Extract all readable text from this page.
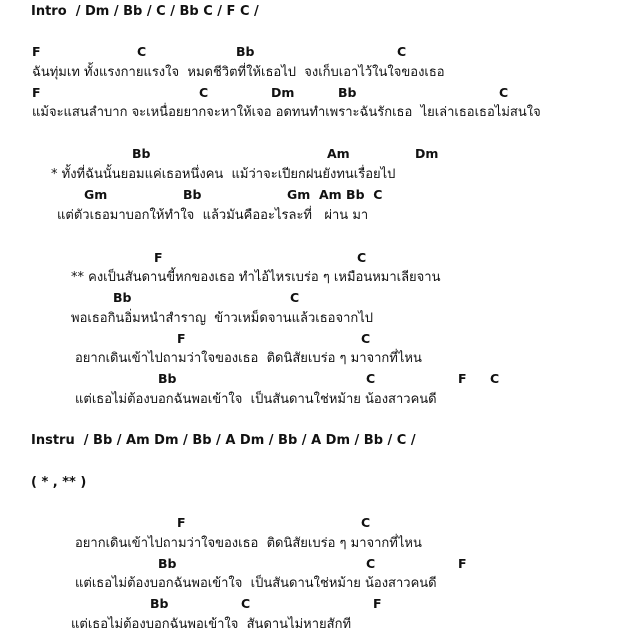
Intro  / Dm / Bb / C / Bb C / F C /
F	C	Bb	C
ฉันทุ่มเท ทั้งแรงกายแรงใจ  หมดชีวิตที่ให้เธอไป  จงเก็บเอาไว้ในใจของเธอ
F	C	Dm	Bb	C
แม้จะแสนลำบาก จะเหนื่อยยากจะหาให้เจอ อดทนทำเพราะฉันรักเธอ  ไยเล่าเธอเธอไม่สนใจ
Bb	Am	Dm
* ทั้งที่ฉันนั้นยอมแค่เธอหนึ่งคน  แม้ว่าจะเปียกฝนยังทนเรื่อยไป
Gm	Bb	Gm  Am Bb  C
แต่ตัวเธอมาบอกให้ทำใจ  แล้วมันคืออะไรละที่   ผ่าน มา
F	C
** คงเป็นสันดานขี้หกของเธอ ทำไอ้ไหรเบร่อ ๆ เหมือนหมาเลียจาน
Bb	C
พอเธอกินอิ่มหนำสำราญ  ข้าวเหม็ดจานแล้วเธอจากไป
F	C
อยากเดินเข้าไปถามว่าใจของเธอ  ติดนิสัยเบร่อ ๆ มาจากที่ไหน
Bb	C	F C
แต่เธอไม่ต้องบอกฉันพอเข้าใจ  เป็นสันดานใช่หม้าย น้องสาวคนดี
Instru  / Bb / Am Dm / Bb / A Dm / Bb / A Dm / Bb / C /
( * , ** )
F	C
อยากเดินเข้าไปถามว่าใจของเธอ  ติดนิสัยเบร่อ ๆ มาจากที่ไหน
Bb	C	F
แต่เธอไม่ต้องบอกฉันพอเข้าใจ  เป็นสันดานใช่หม้าย น้องสาวคนดี
Bb	C	F
แต่เธอไม่ต้องบอกฉันพอเข้าใจ  สันดานไม่หายสักที
